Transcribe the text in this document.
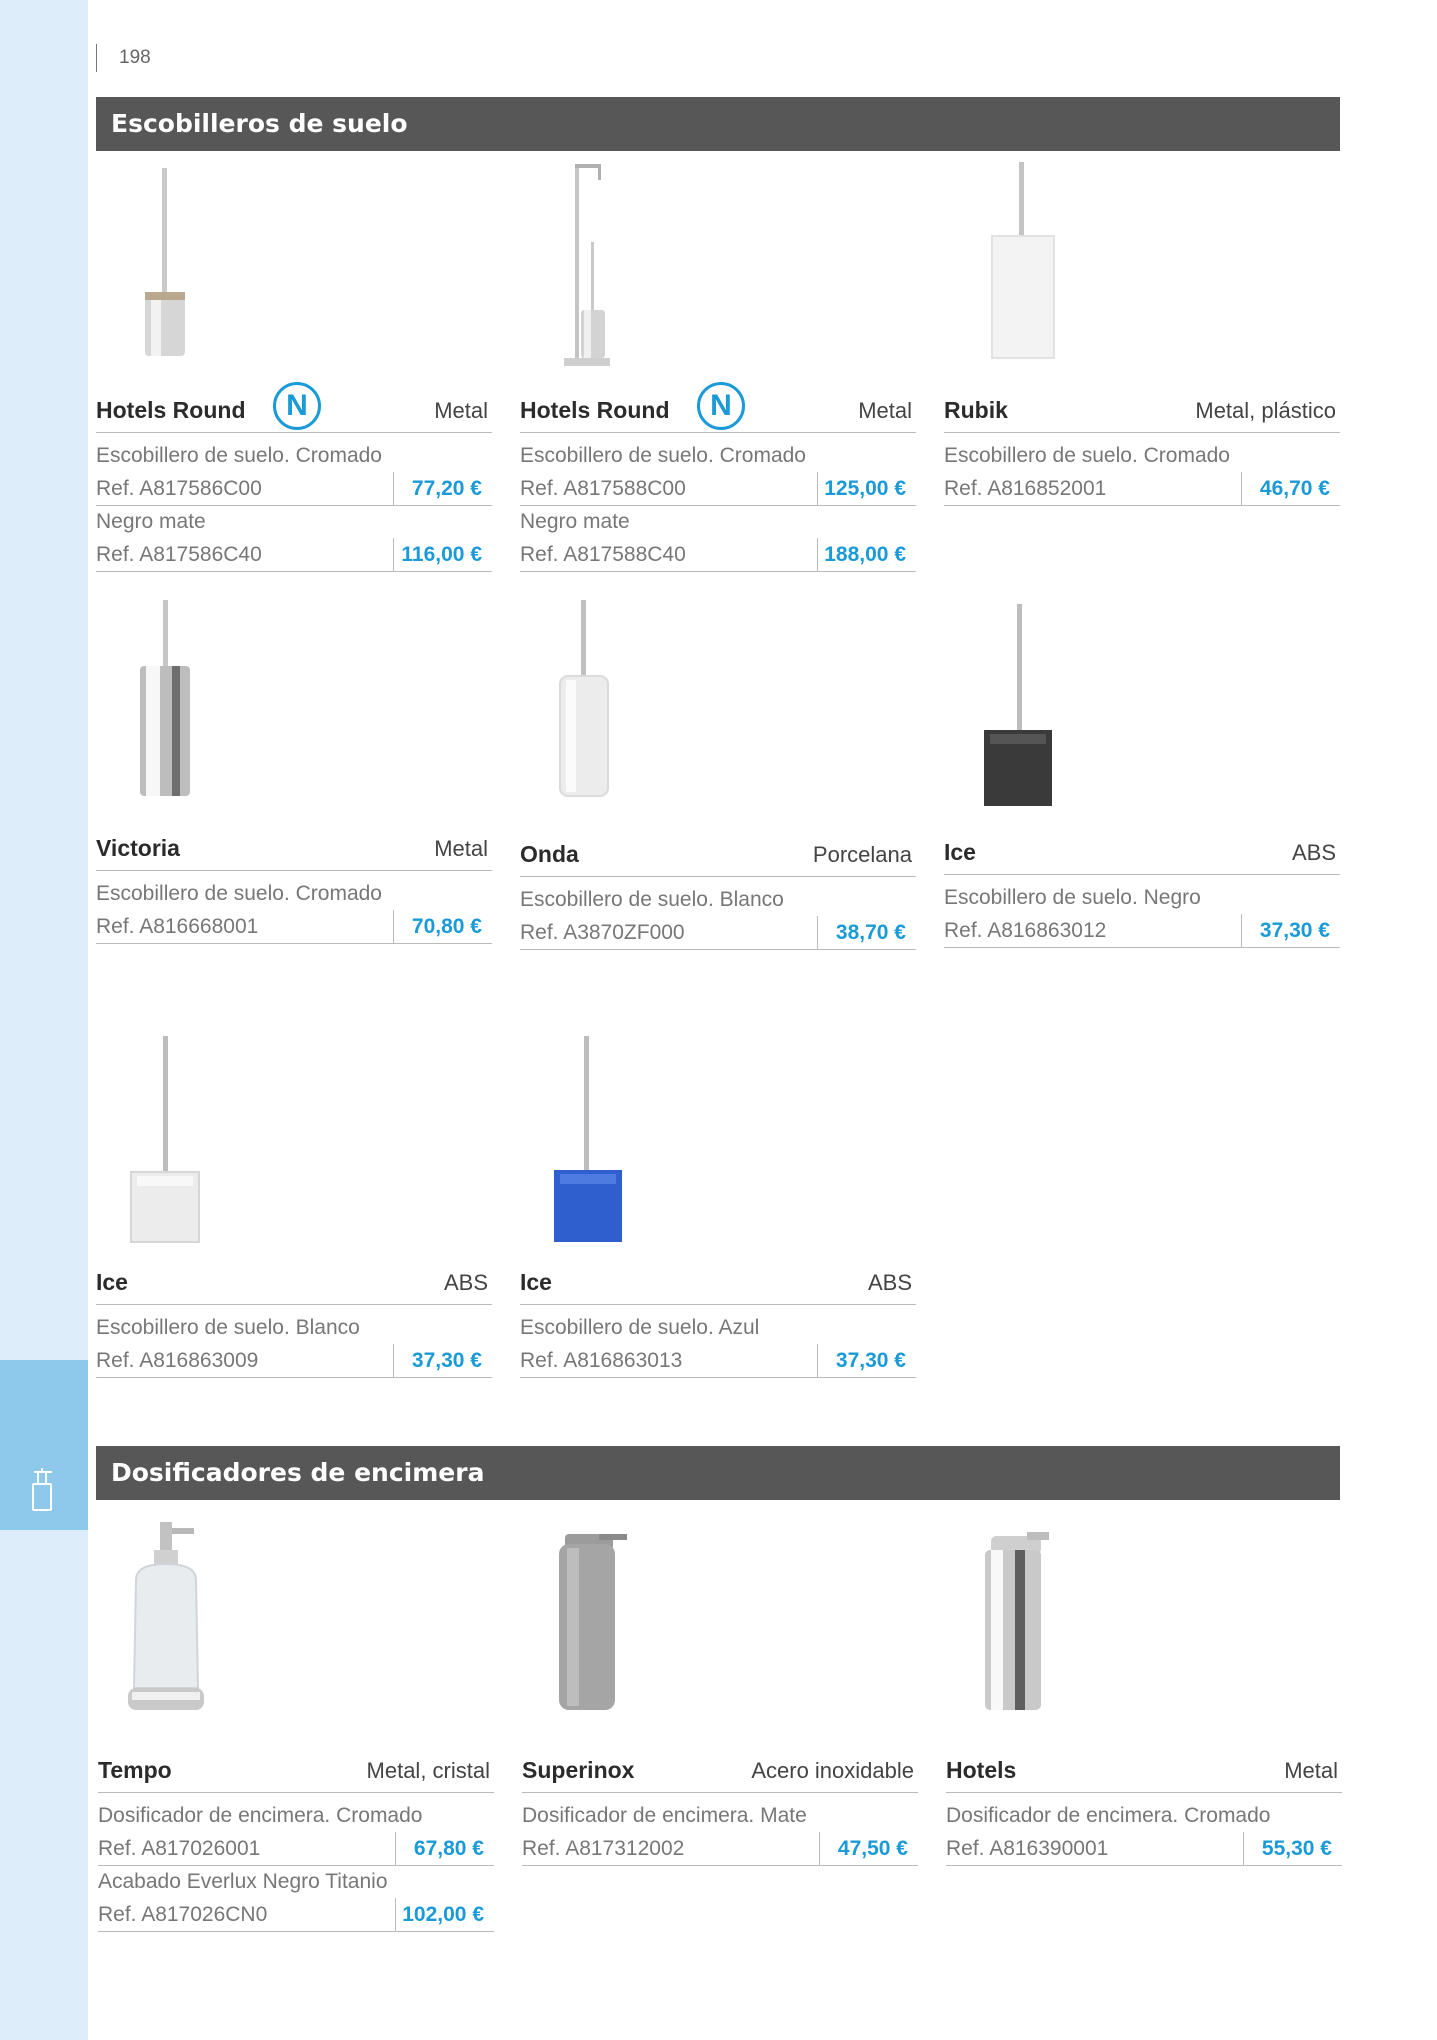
198
Escobilleros de suelo
Dosificadores de encimera
Hotels Round	N	Metal
Escobillero de suelo. Cromado
Ref. A817586C00	77,20 €
Negro mate
Ref. A817586C40	116,00 €
Hotels Round	N	Metal
Escobillero de suelo. Cromado
Ref. A817588C00	125,00 €
Negro mate
Ref. A817588C40	188,00 €
Rubik	Metal, plástico
Escobillero de suelo. Cromado
Ref. A816852001	46,70 €
Victoria	Metal
Escobillero de suelo. Cromado
Ref. A816668001	70,80 €
Onda	Porcelana
Escobillero de suelo. Blanco
Ref. A3870ZF000	38,70 €
Ice	ABS
Escobillero de suelo. Negro
Ref. A816863012	37,30 €
Ice	ABS
Escobillero de suelo. Blanco
Ref. A816863009	37,30 €
Ice	ABS
Escobillero de suelo. Azul
Ref. A816863013	37,30 €
Tempo	Metal, cristal
Dosificador de encimera. Cromado
Ref. A817026001	67,80 €
Acabado Everlux Negro Titanio
Ref. A817026CN0	102,00 €
Superinox	Acero inoxidable
Dosificador de encimera. Mate
Ref. A817312002	47,50 €
Hotels	Metal
Dosificador de encimera. Cromado
Ref. A816390001	55,30 €
